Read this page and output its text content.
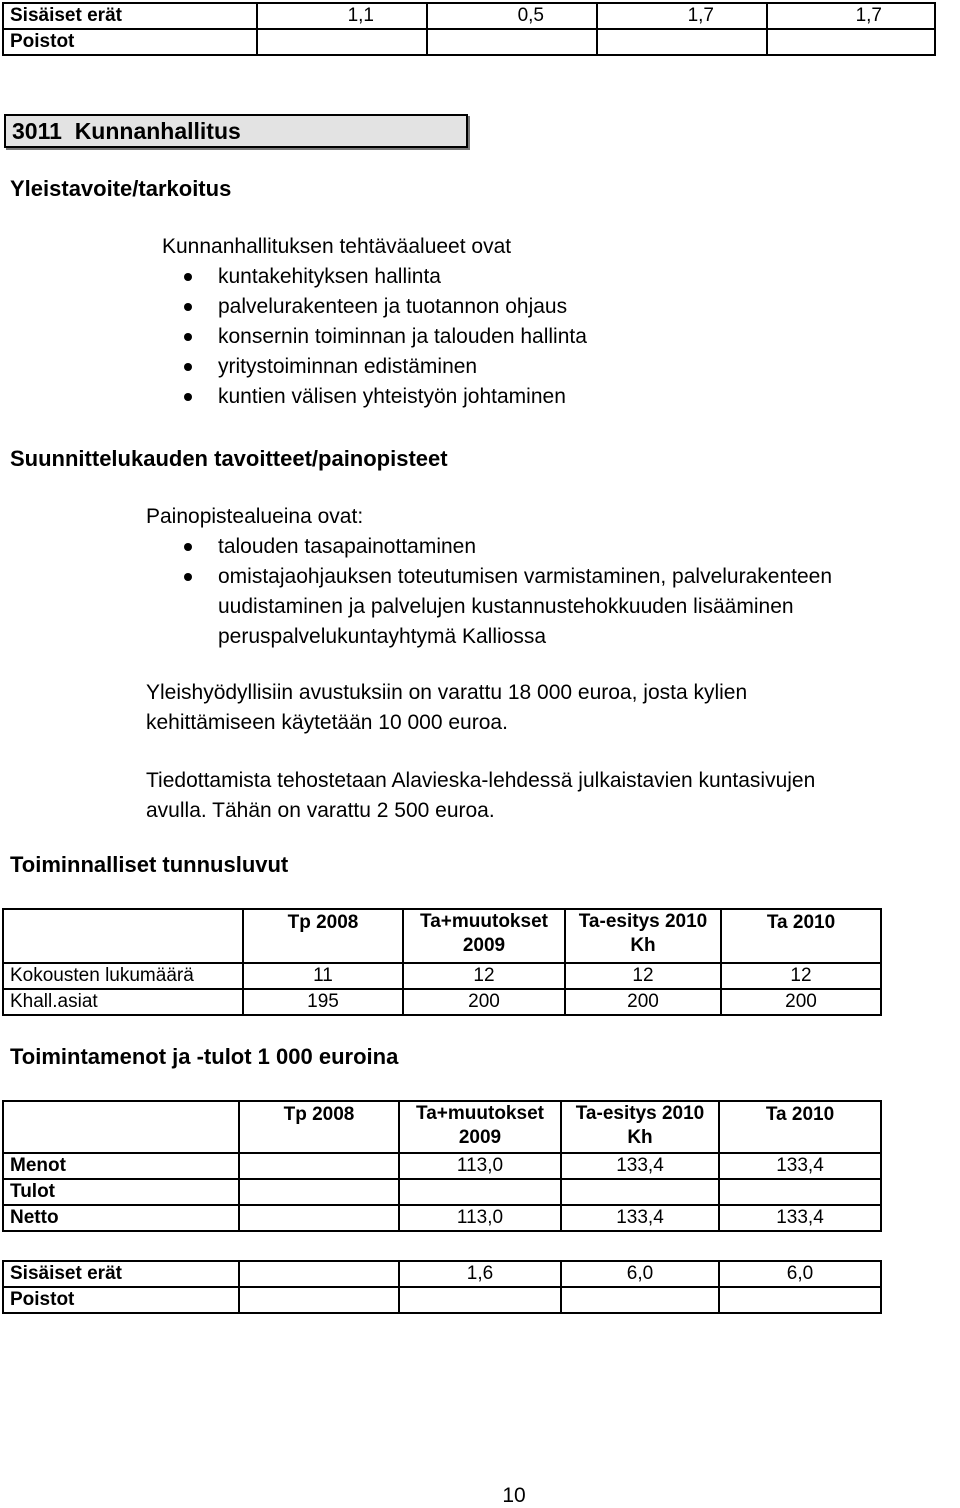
Sisäiset erät	1,1	0,5	1,7	1,7
Poistot				
3011 Kunnanhallitus
Yleistavoite/tarkoitus
Kunnanhallituksen tehtäväalueet ovat
kuntakehityksen hallinta
palvelurakenteen ja tuotannon ohjaus
konsernin toiminnan ja talouden hallinta
yritystoiminnan edistäminen
kuntien välisen yhteistyön johtaminen
Suunnittelukauden tavoitteet/painopisteet
Painopistealueina ovat:
talouden tasapainottaminen
omistajaohjauksen toteutumisen varmistaminen, palvelurakenteen
uudistaminen ja palvelujen kustannustehokkuuden lisääminen
peruspalvelukuntayhtymä Kalliossa
Yleishyödyllisiin avustuksiin on varattu 18 000 euroa, josta kylien
kehittämiseen käytetään 10 000 euroa.
Tiedottamista tehostetaan Alavieska-lehdessä julkaistavien kuntasivujen
avulla. Tähän on varattu 2 500 euroa.
Toiminnalliset tunnusluvut
	Tp 2008	Ta+muutokset 2009	Ta-esitys 2010 Kh	Ta 2010
Kokousten lukumäärä	11	12	12	12
Khall.asiat	195	200	200	200
Toimintamenot ja -tulot 1 000 euroina
	Tp 2008	Ta+muutokset 2009	Ta-esitys 2010 Kh	Ta 2010
Menot		113,0	133,4	133,4
Tulot				
Netto		113,0	133,4	133,4
Sisäiset erät		1,6	6,0	6,0
Poistot				
10
